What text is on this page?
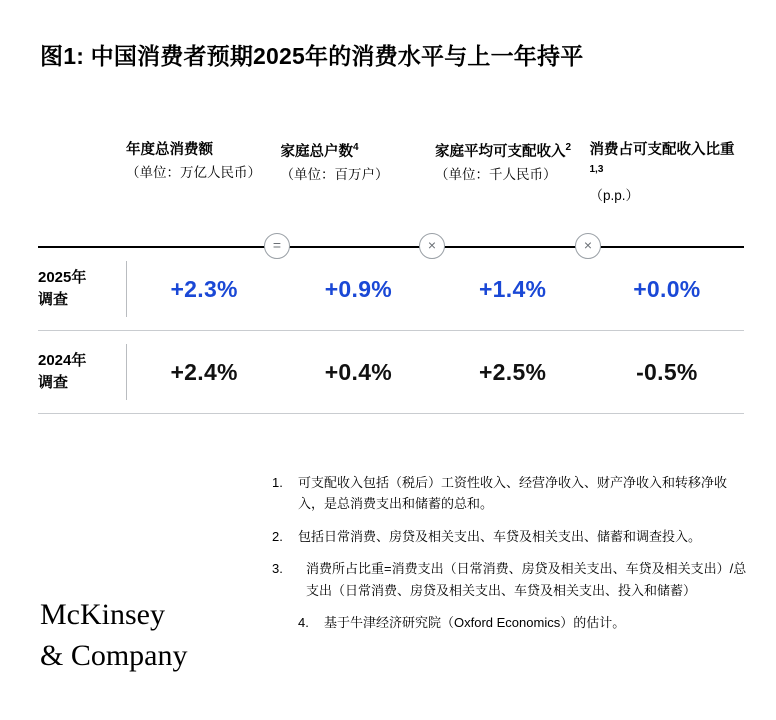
图1: 中国消费者预期2025年的消费水平与上一年持平
年度总消费额
（单位：万亿人民币）
家庭总户数$^4$
（单位：百万户）
家庭平均可支配收入$^2$
（单位：千人民币）
消费占可支配收入比重$^{1,3}$
（p.p.）
=	×	×
2025年
调查	+2.3%	+0.9%	+1.4%	+0.0%
2024年
调查	+2.4%	+0.4%	+2.5%	-0.5%
1.	可支配收入包括（税后）工资性收入、经营净收入、财产净收入和转移净收入，是总消费支出和储蓄的总和。
2.	包括日常消费、房贷及相关支出、车贷及相关支出、储蓄和调查投入。
3.	消费所占比重=消费支出（日常消费、房贷及相关支出、车贷及相关支出）/总支出（日常消费、房贷及相关支出、车贷及相关支出、投入和储蓄）
4.	基于牛津经济研究院（Oxford Economics）的估计。
McKinsey
& Company
